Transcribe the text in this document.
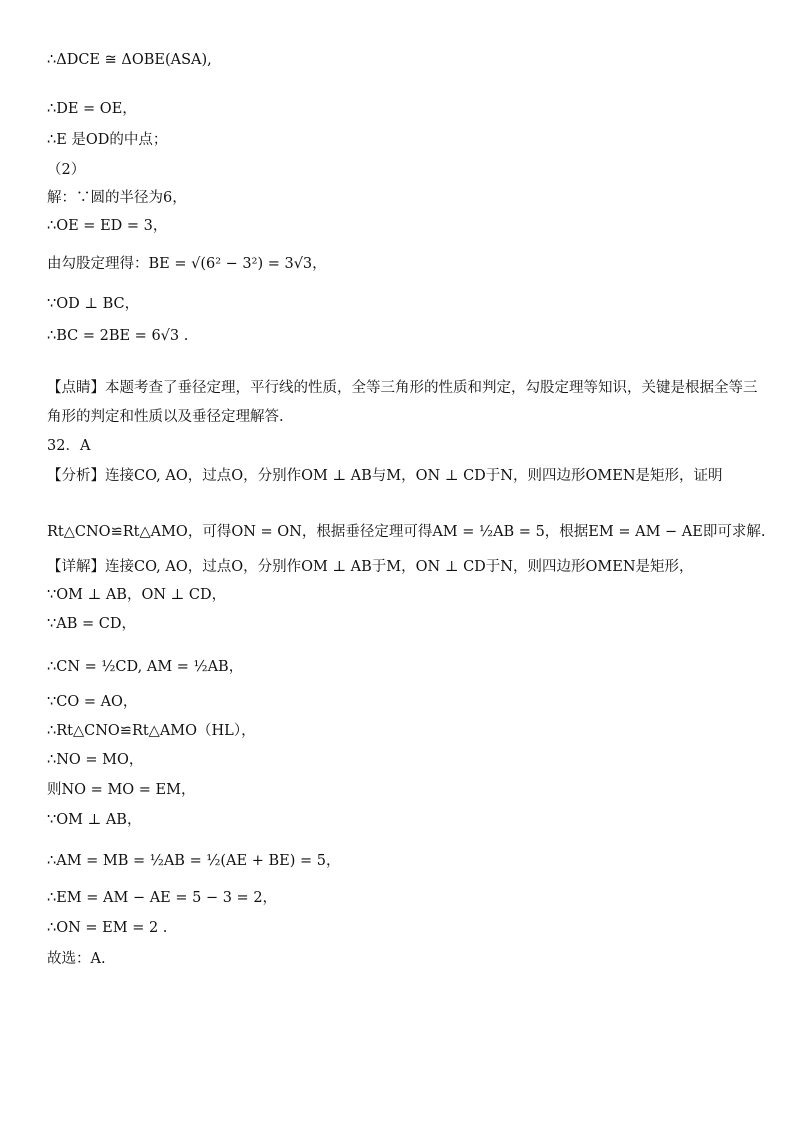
∴ΔDCE ≅ ΔOBE(ASA),
∴DE = OE，
∴E 是OD的中点；
（2）
解：∵圆的半径为6，
∴OE = ED = 3，
由勾股定理得：BE = √(6² − 3²) = 3√3，
∵OD ⊥ BC，
∴BC = 2BE = 6√3 .
【点睛】本题考查了垂径定理，平行线的性质，全等三角形的性质和判定，勾股定理等知识，关键是根据全等三
角形的判定和性质以及垂径定理解答.
32．A
【分析】连接CO, AO，过点O，分别作OM ⊥ AB与M，ON ⊥ CD于N，则四边形OMEN是矩形，证明
Rt△CNO≌Rt△AMO，可得ON = ON，根据垂径定理可得AM = ½AB = 5，根据EM = AM − AE即可求解.
【详解】连接CO, AO，过点O，分别作OM ⊥ AB于M，ON ⊥ CD于N，则四边形OMEN是矩形，
∵OM ⊥ AB，ON ⊥ CD，
∵AB = CD，
∴CN = ½CD, AM = ½AB，
∵CO = AO，
∴Rt△CNO≌Rt△AMO（HL），
∴NO = MO，
则NO = MO = EM，
∵OM ⊥ AB，
∴AM = MB = ½AB = ½(AE + BE) = 5，
∴EM = AM − AE = 5 − 3 = 2，
∴ON = EM = 2 .
故选：A.
